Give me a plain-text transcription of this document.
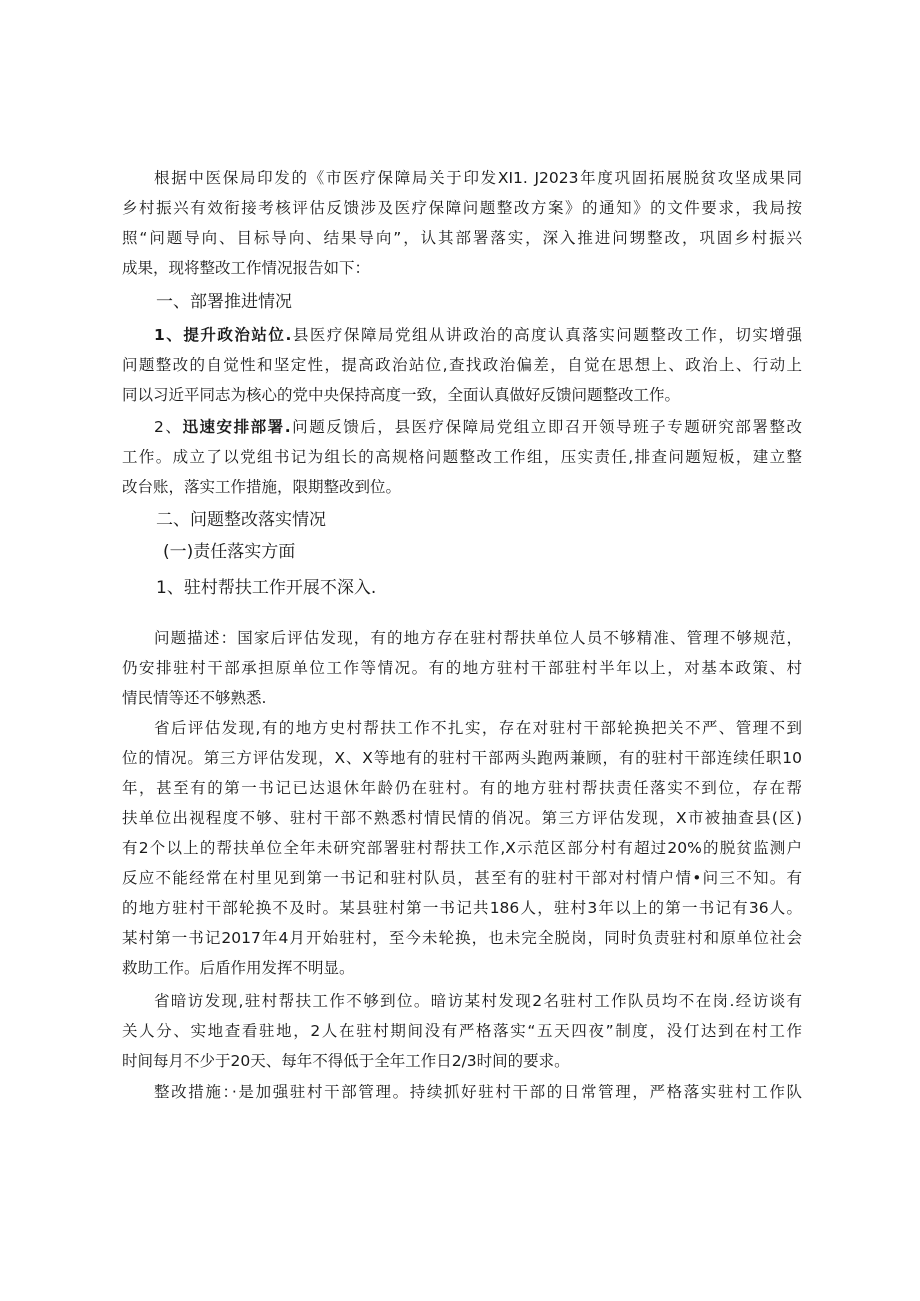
根据中医保局印发的《市医疗保障局关于印发XI1. J2023年度巩固拓展脱贫攻坚成果同
乡村振兴有效衔接考核评估反馈涉及医疗保障问题整改方案》的通知》的文件要求，我局按
照“问题导向、目标导向、结果导向”，认其部署落实，深入推进问甥整改，巩固乡村振兴
成果，现将整改工作情况报告如下：
一、部署推进情况
1、提升政治站位.县医疗保障局党组从讲政治的高度认真落实问题整改工作，切实增强
问题整改的自觉性和坚定性，提高政治站位,查找政治偏差，自觉在思想上、政治上、行动上
同以习近平同志为核心的党中央保持高度一致，全面认真做好反馈问题整改工作。
2、迅速安排部署.问题反馈后，县医疗保障局党组立即召开领导班子专题研究部署整改
工作。成立了以党组书记为组长的高规格问题整改工作组，压实责任,排查问题短板，建立整
改台账，落实工作措施，限期整改到位。
二、问题整改落实情况
(一)责任落实方面
1、驻村帮扶工作开展不深入.
问题描述：国家后评估发现，有的地方存在驻村帮扶单位人员不够精准、管理不够规范，
仍安排驻村干部承担原单位工作等情况。有的地方驻村干部驻村半年以上，对基本政策、村
情民情等还不够熟悉.
省后评估发现,有的地方史村帮扶工作不扎实，存在对驻村干部轮换把关不严、管理不到
位的情况。第三方评估发现，X、X等地有的驻村干部两头跑两兼顾，有的驻村干部连续任职10
年，甚至有的第一书记已达退休年龄仍在驻村。有的地方驻村帮扶责任落实不到位，存在帮
扶单位出视程度不够、驻村干部不熟悉村情民情的俏况。第三方评估发现，X市被抽查县(区)
有2个以上的帮扶单位全年未研究部署驻村帮扶工作,X示范区部分村有超过20%的脱贫监测户
反应不能经常在村里见到第一书记和驻村队员，甚至有的驻村干部对村情户情•问三不知。有
的地方驻村干部轮换不及时。某县驻村第一书记共186人，驻村3年以上的第一书记有36人。
某村第一书记2017年4月开始驻村，至今未轮换，也未完全脱岗，同时负责驻村和原单位社会
救助工作。后盾作用发挥不明显。
省暗访发现,驻村帮扶工作不够到位。暗访某村发现2名驻村工作队员均不在岗.经访谈有
关人分、实地查看驻地，2人在驻村期间没有严格落实“五天四夜”制度，没仃达到在村工作
时间每月不少于20天、每年不得低于全年工作日2/3时间的要求。
整改措施：·是加强驻村干部管理。持续抓好驻村干部的日常管理，严格落实驻村工作队
